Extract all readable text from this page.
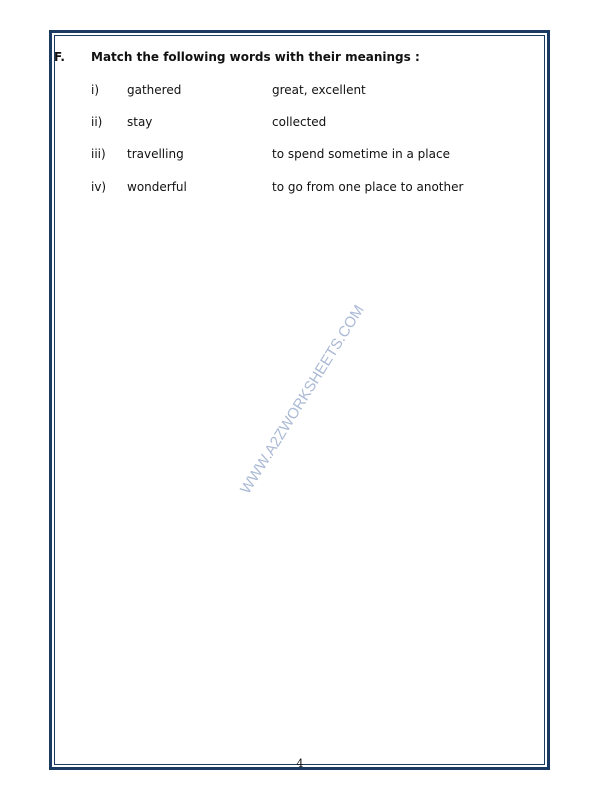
F. Match the following words with their meanings :
i) gathered	great, excellent
ii) stay	collected
iii) travelling	to spend sometime in a place
iv) wonderful	to go from one place to another
WWW.A2ZWORKSHEETS.COM
4
